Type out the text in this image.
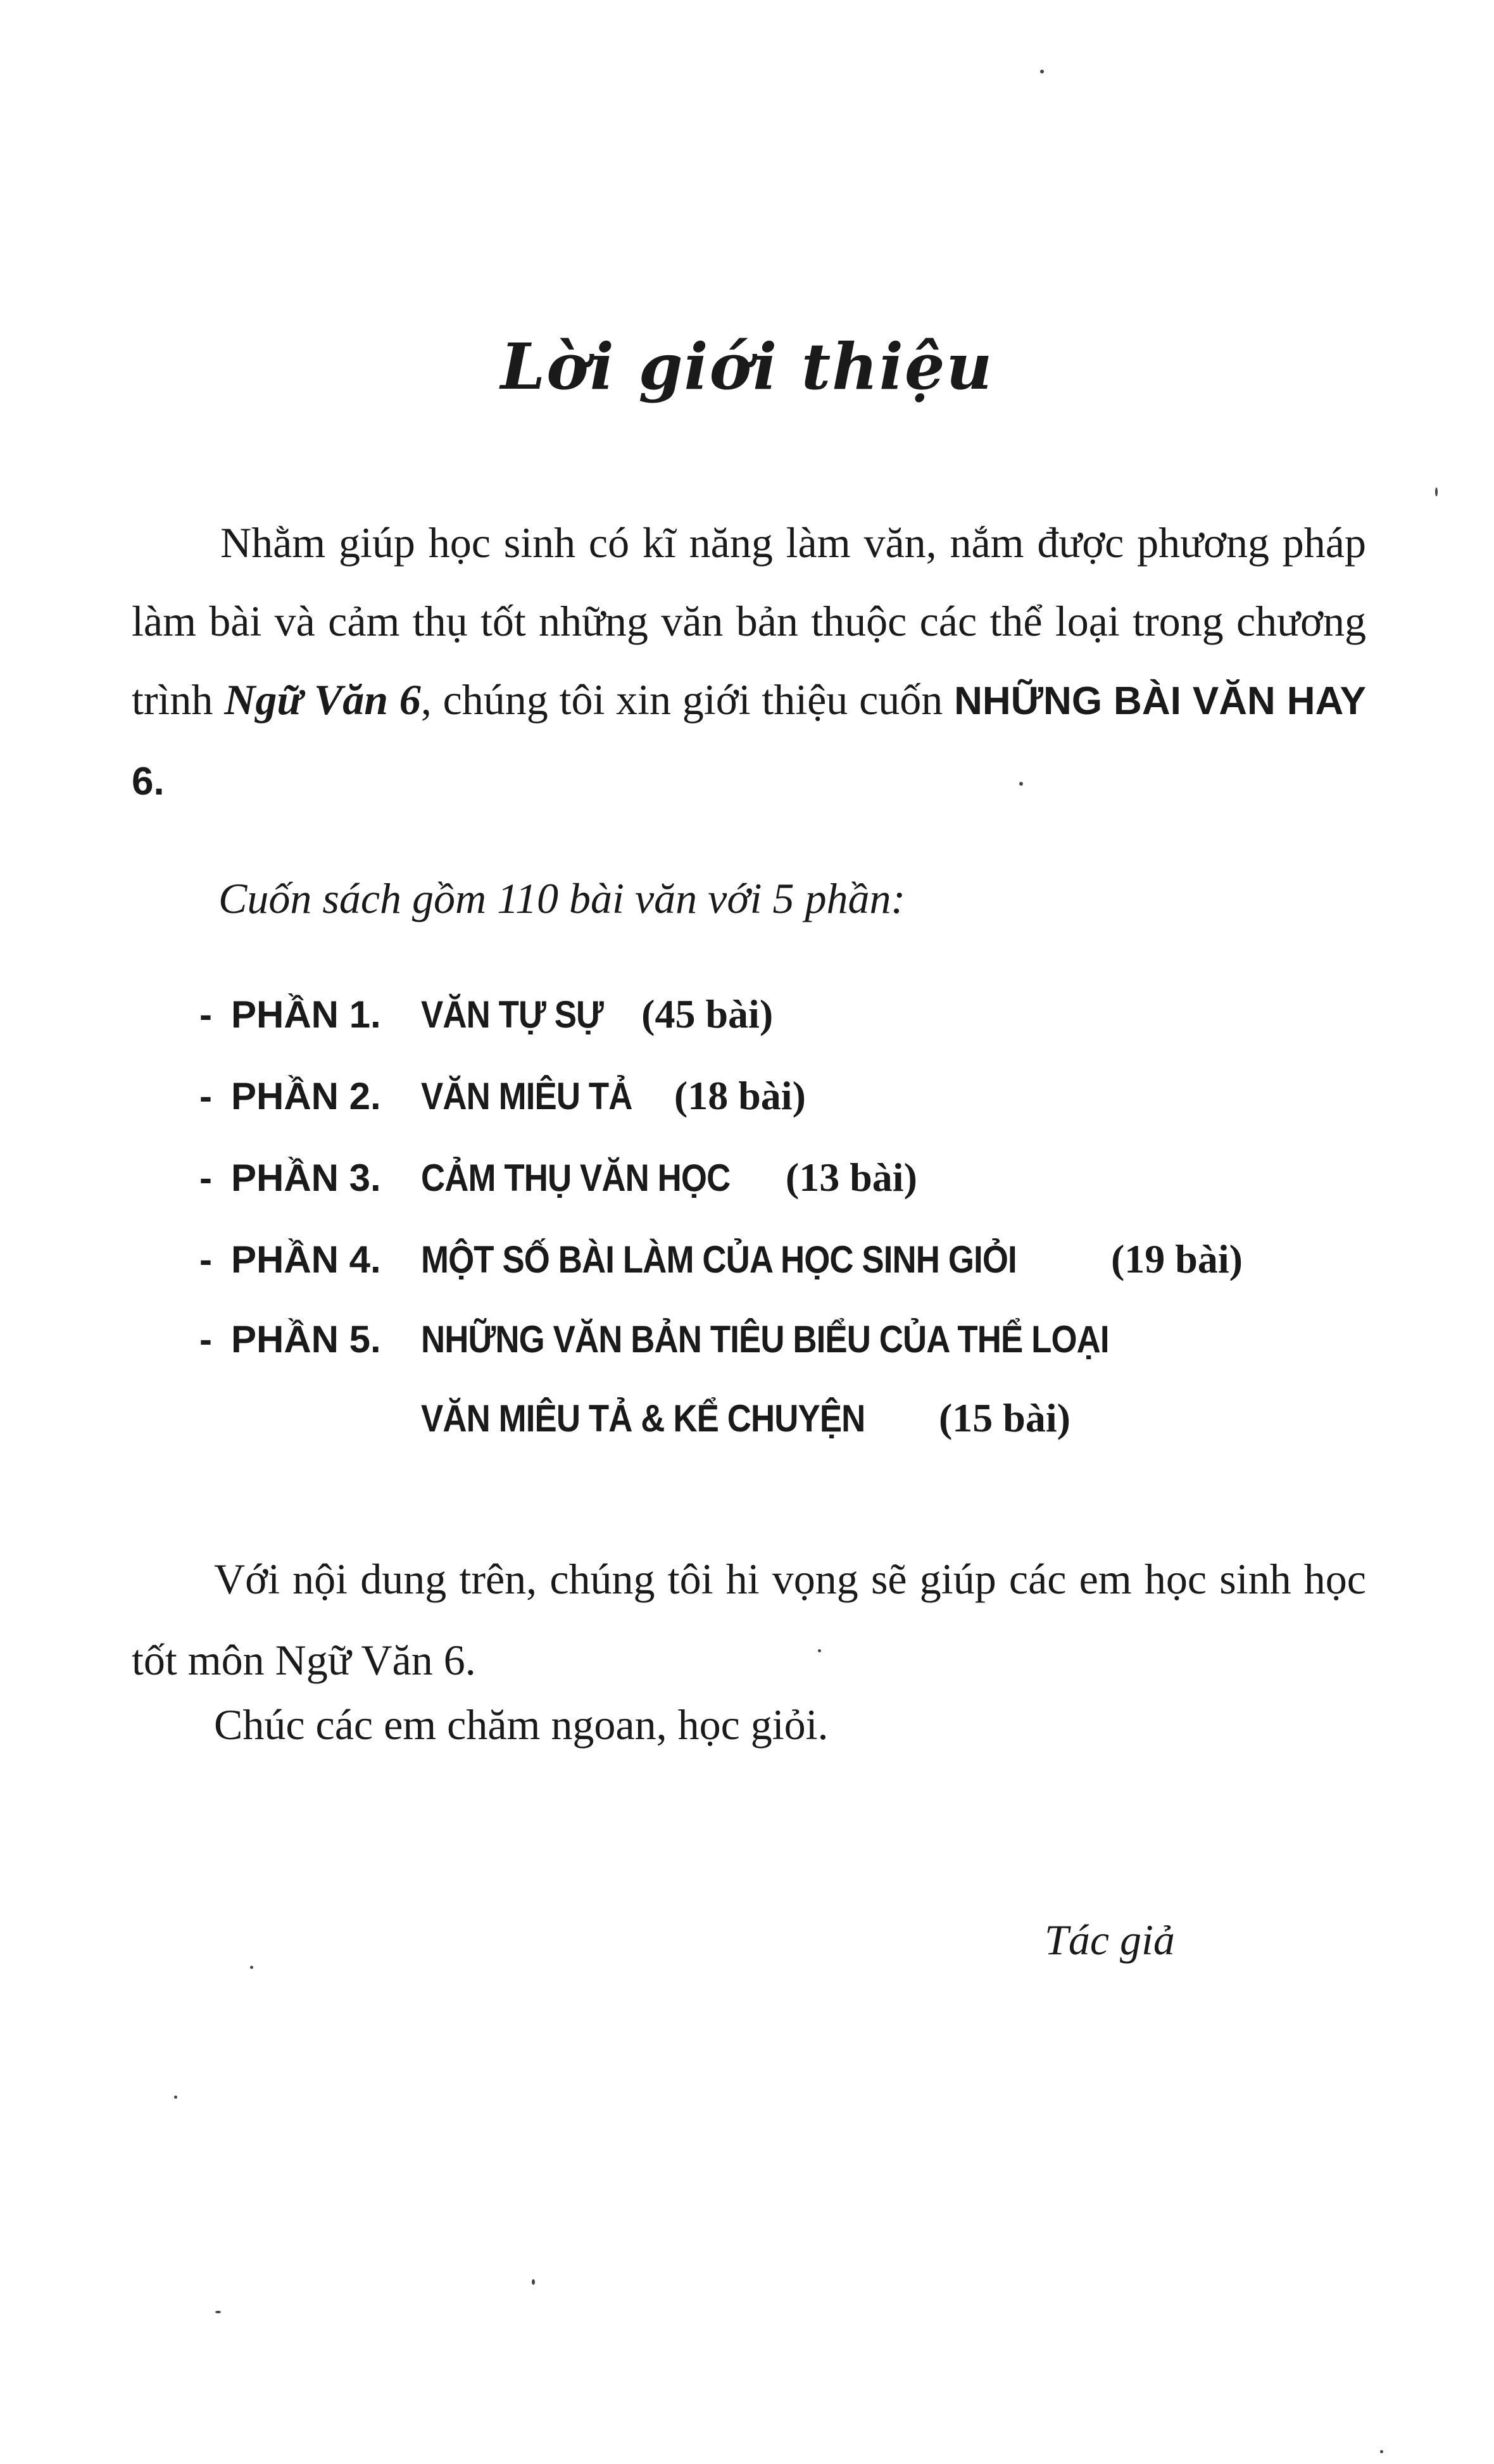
Lời giới thiệu

Nhằm giúp học sinh có kĩ năng làm văn, nắm được phương pháp làm bài và cảm thụ tốt những văn bản thuộc các thể loại trong chương trình Ngữ Văn 6, chúng tôi xin giới thiệu cuốn NHỮNG BÀI VĂN HAY 6.

Cuốn sách gồm 110 bài văn với 5 phần:
- PHẦN 1.	VĂN TỰ SỰ (45 bài)
- PHẦN 2.	VĂN MIÊU TẢ (18 bài)
- PHẦN 3.	CẢM THỤ VĂN HỌC (13 bài)
- PHẦN 4.	MỘT SỐ BÀI LÀM CỦA HỌC SINH GIỎI (19 bài)
- PHẦN 5.	NHỮNG VĂN BẢN TIÊU BIỂU CỦA THỂ LOẠI
VĂN MIÊU TẢ & KỂ CHUYỆN (15 bài)

Với nội dung trên, chúng tôi hi vọng sẽ giúp các em học sinh học tốt môn Ngữ Văn 6.

Chúc các em chăm ngoan, học giỏi.
Tác giả
